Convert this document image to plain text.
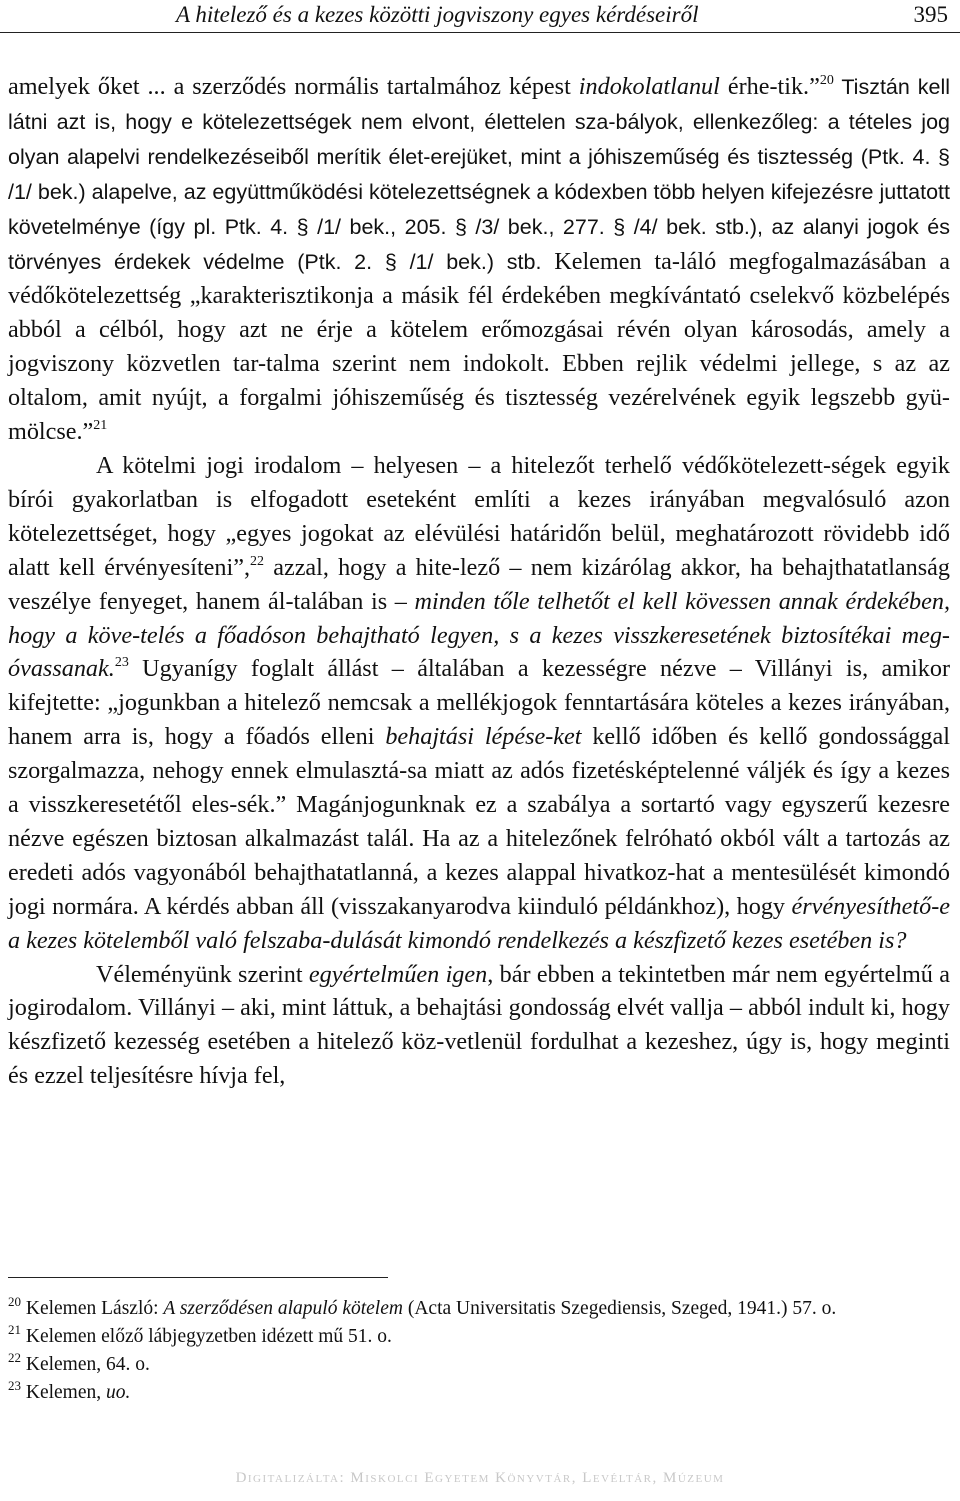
A hitelező és a kezes közötti jogviszony egyes kérdéseiről	395

amelyek őket ... a szerződés normális tartalmához képest indokolatlanul érhe-tik.”$^{20}$ Tisztán kell látni azt is, hogy e kötelezettségek nem elvont, élettelen sza-bályok, ellenkezőleg: a tételes jog olyan alapelvi rendelkezéseiből merítik élet-erejüket, mint a jóhiszeműség és tisztesség (Ptk. 4. § /1/ bek.) alapelve, az együttműködési kötelezettségnek a kódexben több helyen kifejezésre juttatott követelménye (így pl. Ptk. 4. § /1/ bek., 205. § /3/ bek., 277. § /4/ bek. stb.), az alanyi jogok és törvényes érdekek védelme (Ptk. 2. § /1/ bek.) stb. Kelemen ta-láló megfogalmazásában a védőkötelezettség „karakterisztikonja a másik fél érdekében megkívántató cselekvő közbelépés abból a célból, hogy azt ne érje a kötelem erőmozgásai révén olyan károsodás, amely a jogviszony közvetlen tar-talma szerint nem indokolt. Ebben rejlik védelmi jellege, s az az oltalom, amit nyújt, a forgalmi jóhiszeműség és tisztesség vezérelvének egyik legszebb gyü-mölcse.”$^{21}$

A kötelmi jogi irodalom – helyesen – a hitelezőt terhelő védőkötelezett-ségek egyik bírói gyakorlatban is elfogadott eseteként említi a kezes irányában megvalósuló azon kötelezettséget, hogy „egyes jogokat az elévülési határidőn belül, meghatározott rövidebb idő alatt kell érvényesíteni”,$^{22}$ azzal, hogy a hite-lező – nem kizárólag akkor, ha behajthatatlanság veszélye fenyeget, hanem ál-talában is – minden tőle telhetőt el kell kövessen annak érdekében, hogy a köve-telés a főadóson behajtható legyen, s a kezes visszkeresetének biztosítékai meg-óvassanak.$^{23}$ Ugyanígy foglalt állást – általában a kezességre nézve – Villányi is, amikor kifejtette: „jogunkban a hitelező nemcsak a mellékjogok fenntartására köteles a kezes irányában, hanem arra is, hogy a főadós elleni behajtási lépése-ket kellő időben és kellő gondossággal szorgalmazza, nehogy ennek elmulasztá-sa miatt az adós fizetésképtelenné váljék és így a kezes a visszkeresetétől eles-sék.” Magánjogunknak ez a szabálya a sortartó vagy egyszerű kezesre nézve egészen biztosan alkalmazást talál. Ha az a hitelezőnek felróható okból vált a tartozás az eredeti adós vagyonából behajthatatlanná, a kezes alappal hivatkoz-hat a mentesülését kimondó jogi normára. A kérdés abban áll (visszakanyarodva kiinduló példánkhoz), hogy érvényesíthető-e a kezes kötelemből való felszaba-dulását kimondó rendelkezés a készfizető kezes esetében is?

Véleményünk szerint egyértelműen igen, bár ebben a tekintetben már nem egyértelmű a jogirodalom. Villányi – aki, mint láttuk, a behajtási gondosság elvét vallja – abból indult ki, hogy készfizető kezesség esetében a hitelező köz-vetlenül fordulhat a kezeshez, úgy is, hogy meginti és ezzel teljesítésre hívja fel,

$^{20}$ Kelemen László: A szerződésen alapuló kötelem (Acta Universitatis Szegediensis, Szeged, 1941.) 57. o.

$^{21}$ Kelemen előző lábjegyzetben idézett mű 51. o.

$^{22}$ Kelemen, 64. o.

$^{23}$ Kelemen, uo.

Digitalizálta: Miskolci Egyetem Könyvtár, Levéltár, Múzeum
